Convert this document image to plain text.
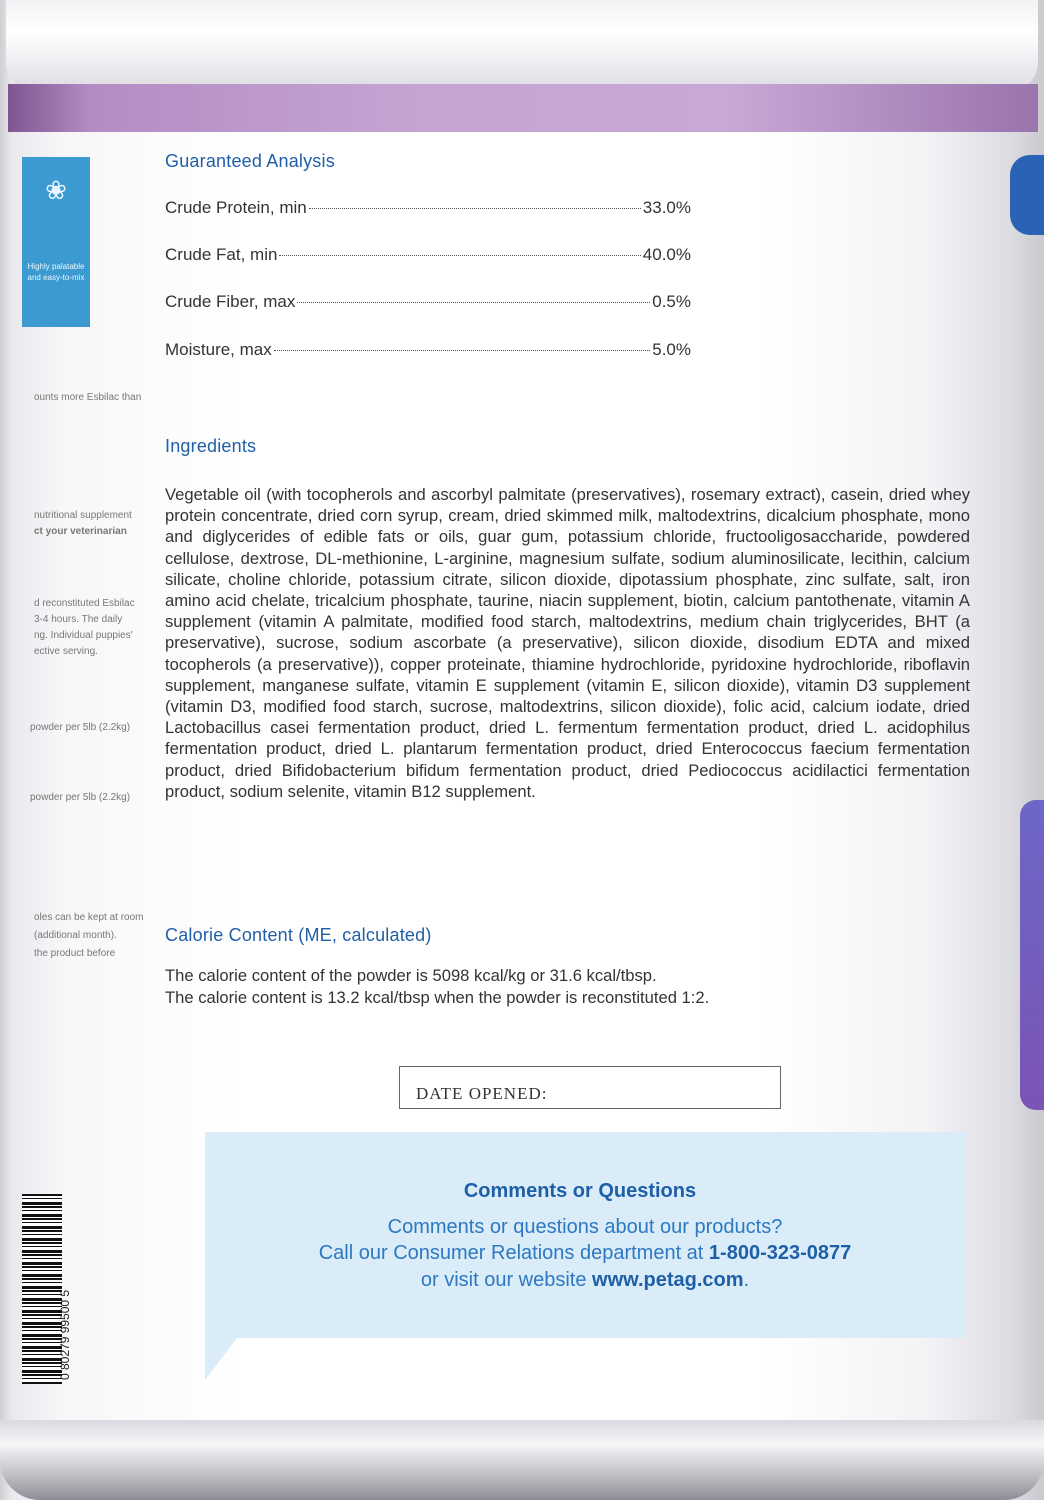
❀
Highly palatable and easy-to-mix
ounts more Esbilac than
nutritional supplement
ct your veterinarian
d reconstituted Esbilac
3-4 hours. The daily
ng. Individual puppies'
ective serving.
powder per 5lb (2.2kg)
powder per 5lb (2.2kg)
oles can be kept at room
(additional month).
the product before
Guaranteed Analysis
Crude Protein, min	33.0%
Crude Fat, min	40.0%
Crude Fiber, max	0.5%
Moisture, max	5.0%
Ingredients
Vegetable oil (with tocopherols and ascorbyl palmitate (preservatives), rosemary extract), casein, dried whey protein concentrate, dried corn syrup, cream, dried skimmed milk, maltodextrins, dicalcium phosphate, mono and diglycerides of edible fats or oils, guar gum, potassium chloride, fructooligosaccharide, powdered cellulose, dextrose, DL-methionine, L-arginine, magnesium sulfate, sodium aluminosilicate, lecithin, calcium silicate, choline chloride, potassium citrate, silicon dioxide, dipotassium phosphate, zinc sulfate, salt, iron amino acid chelate, tricalcium phosphate, taurine, niacin supplement, biotin, calcium pantothenate, vitamin A supplement (vitamin A palmitate, modified food starch, maltodextrins, medium chain triglycerides, BHT (a preservative), sucrose, sodium ascorbate (a preservative), silicon dioxide, disodium EDTA and mixed tocopherols (a preservative)), copper proteinate, thiamine hydrochloride, pyridoxine hydrochloride, riboflavin supplement, manganese sulfate, vitamin E supplement (vitamin E, silicon dioxide), vitamin D3 supplement (vitamin D3, modified food starch, sucrose, maltodextrins, silicon dioxide), folic acid, calcium iodate, dried Lactobacillus casei fermentation product, dried L. fermentum fermentation product, dried L. acidophilus fermentation product, dried L. plantarum fermentation product, dried Enterococcus faecium fermentation product, dried Bifidobacterium bifidum fermentation product, dried Pediococcus acidilactici fermentation product, sodium selenite, vitamin B12 supplement.
Calorie Content (ME, calculated)
The calorie content of the powder is 5098 kcal/kg or 31.6 kcal/tbsp.
The calorie content is 13.2 kcal/tbsp when the powder is reconstituted 1:2.
DATE OPENED:
Comments or Questions
Comments or questions about our products?
Call our Consumer Relations department at 1-800-323-0877
or visit our website www.petag.com.
0 80279 99500 5
